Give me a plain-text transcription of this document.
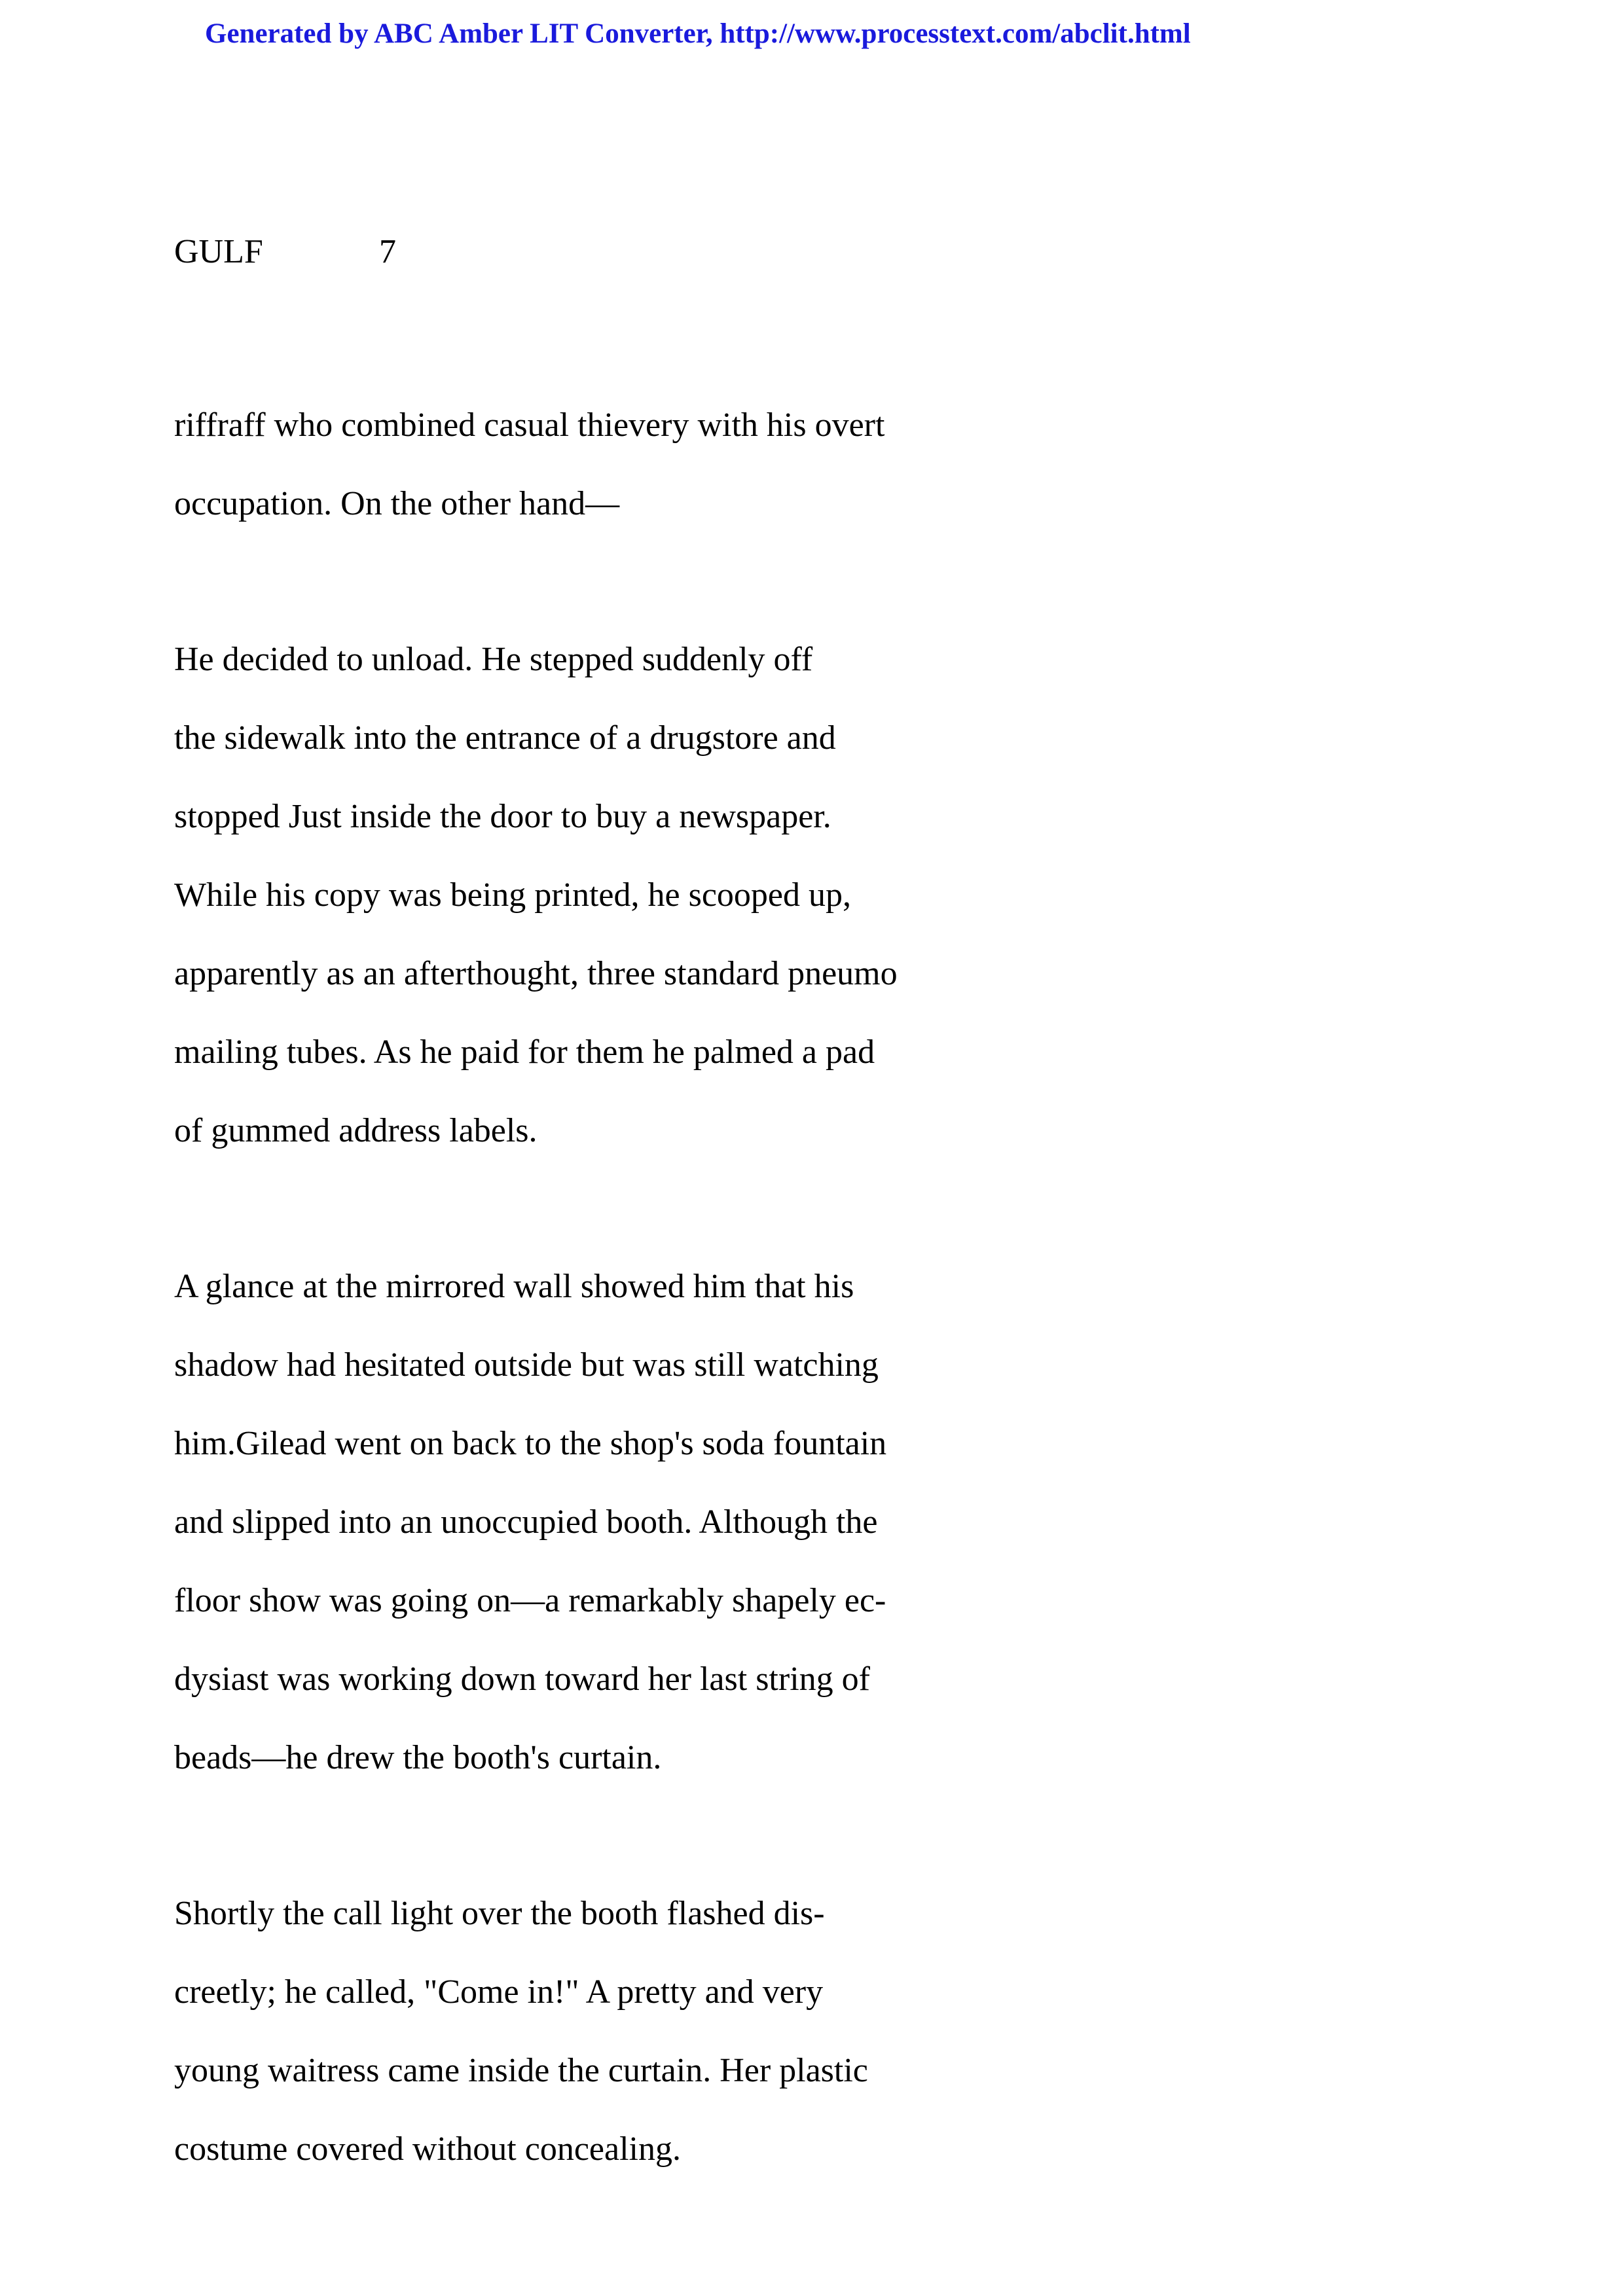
Generated by ABC Amber LIT Converter, http://www.processtext.com/abclit.html
GULF	7

riffraff who combined casual thievery with his overt
occupation. On the other hand—

He decided to unload. He stepped suddenly off
the sidewalk into the entrance of a drugstore and
stopped Just inside the door to buy a newspaper.
While his copy was being printed, he scooped up,
apparently as an afterthought, three standard pneumo
mailing tubes. As he paid for them he palmed a pad
of gummed address labels.

A glance at the mirrored wall showed him that his
shadow had hesitated outside but was still watching
him.Gilead went on back to the shop's soda fountain
and slipped into an unoccupied booth. Although the
floor show was going on—a remarkably shapely ec-
dysiast was working down toward her last string of
beads—he drew the booth's curtain.

Shortly the call light over the booth flashed dis-
creetly; he called, "Come in!" A pretty and very
young waitress came inside the curtain. Her plastic
costume covered without concealing.
